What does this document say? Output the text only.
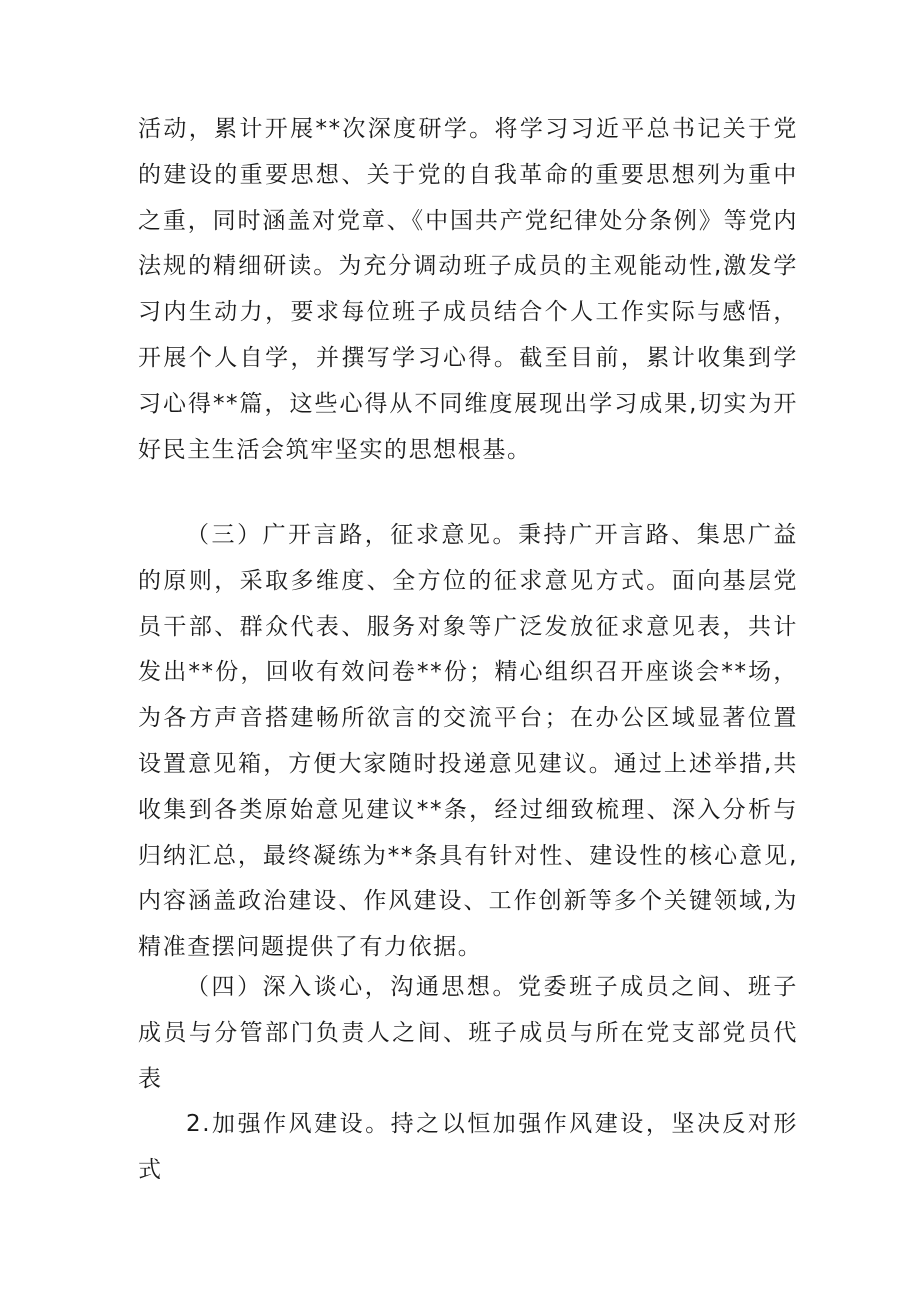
活动，累计开展**次深度研学。将学习习近平总书记关于党的建设的重要思想、关于党的自我革命的重要思想列为重中之重，同时涵盖对党章、《中国共产党纪律处分条例》等党内法规的精细研读。为充分调动班子成员的主观能动性,激发学习内生动力，要求每位班子成员结合个人工作实际与感悟，开展个人自学，并撰写学习心得。截至目前，累计收集到学习心得**篇，这些心得从不同维度展现出学习成果,切实为开好民主生活会筑牢坚实的思想根基。

（三）广开言路，征求意见。秉持广开言路、集思广益的原则，采取多维度、全方位的征求意见方式。面向基层党员干部、群众代表、服务对象等广泛发放征求意见表，共计发出**份，回收有效问卷**份；精心组织召开座谈会**场，为各方声音搭建畅所欲言的交流平台；在办公区域显著位置设置意见箱，方便大家随时投递意见建议。通过上述举措,共收集到各类原始意见建议**条，经过细致梳理、深入分析与归纳汇总，最终凝练为**条具有针对性、建设性的核心意见,内容涵盖政治建设、作风建设、工作创新等多个关键领域,为精准查摆问题提供了有力依据。

（四）深入谈心，沟通思想。党委班子成员之间、班子成员与分管部门负责人之间、班子成员与所在党支部党员代表

2.加强作风建设。持之以恒加强作风建设，坚决反对形式
